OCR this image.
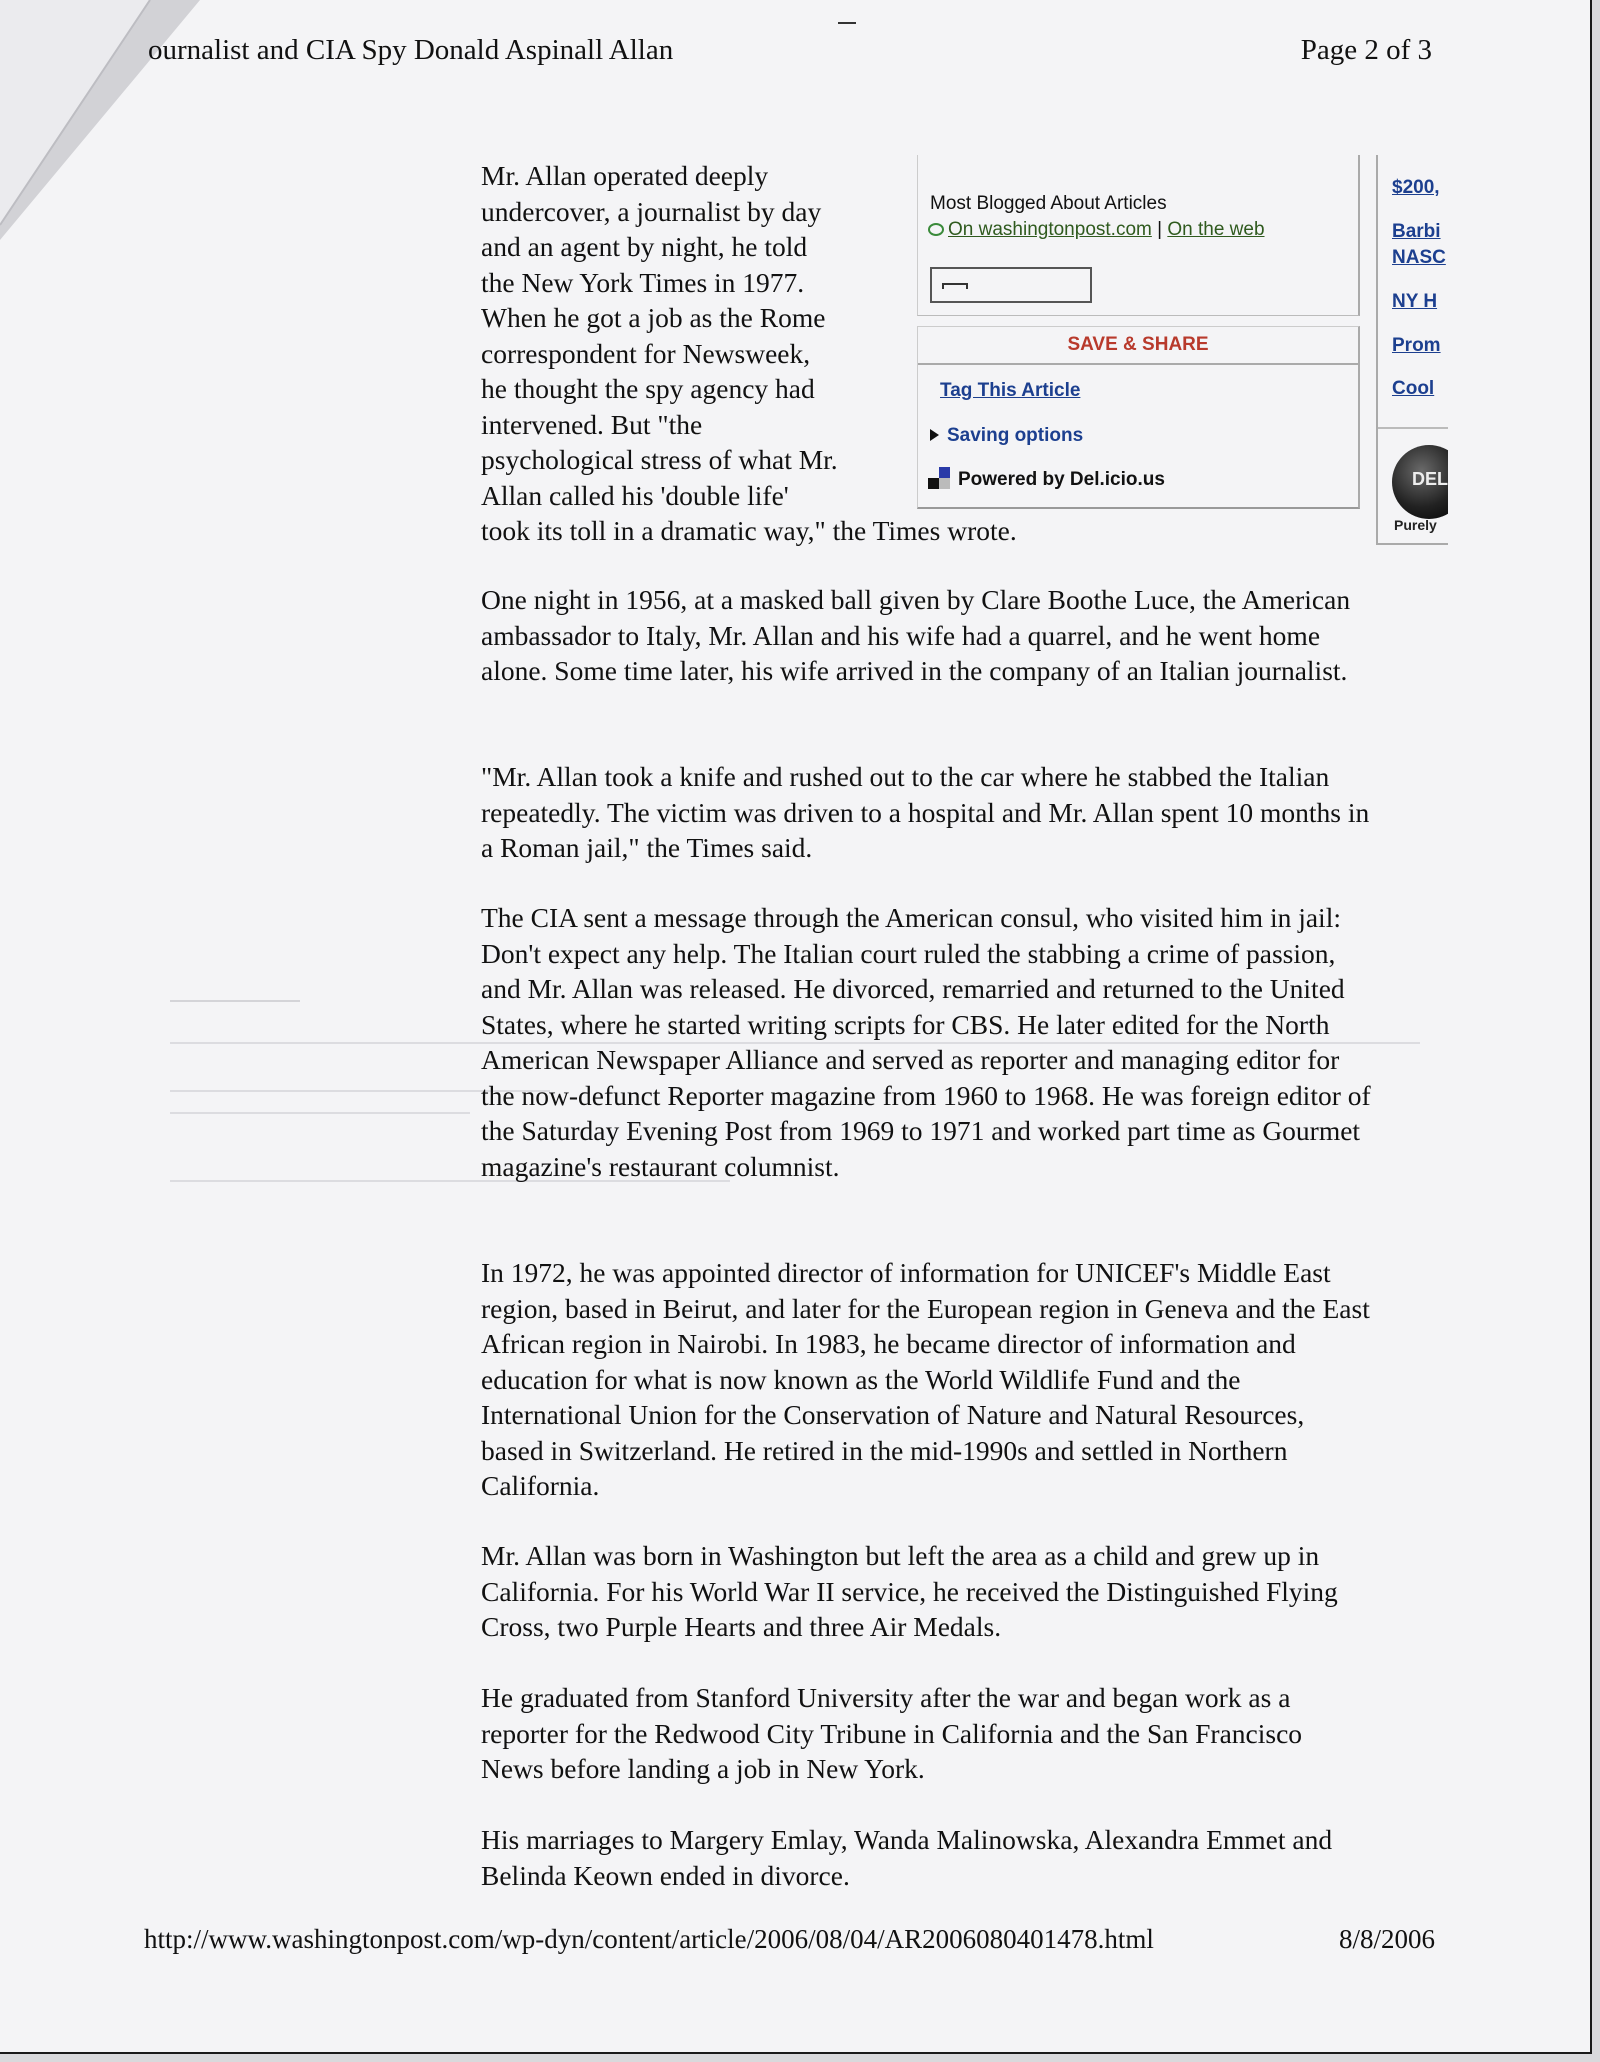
ournalist and CIA Spy Donald Aspinall Allan	Page 2 of 3
Mr. Allan operated deeply
undercover, a journalist by day
and an agent by night, he told
the New York Times in 1977.
When he got a job as the Rome
correspondent for Newsweek,
he thought the spy agency had
intervened. But "the
psychological stress of what Mr.
Allan called his 'double life'
took its toll in a dramatic way," the Times wrote.

One night in 1956, at a masked ball given by Clare Boothe Luce, the American ambassador to Italy, Mr. Allan and his wife had a quarrel, and he went home alone. Some time later, his wife arrived in the company of an Italian journalist.

"Mr. Allan took a knife and rushed out to the car where he stabbed the Italian repeatedly. The victim was driven to a hospital and Mr. Allan spent 10 months in a Roman jail," the Times said.

The CIA sent a message through the American consul, who visited him in jail: Don't expect any help. The Italian court ruled the stabbing a crime of passion, and Mr. Allan was released. He divorced, remarried and returned to the United States, where he started writing scripts for CBS. He later edited for the North American Newspaper Alliance and served as reporter and managing editor for the now-defunct Reporter magazine from 1960 to 1968. He was foreign editor of the Saturday Evening Post from 1969 to 1971 and worked part time as Gourmet magazine's restaurant columnist.

In 1972, he was appointed director of information for UNICEF's Middle East region, based in Beirut, and later for the European region in Geneva and the East African region in Nairobi. In 1983, he became director of information and education for what is now known as the World Wildlife Fund and the International Union for the Conservation of Nature and Natural Resources, based in Switzerland. He retired in the mid-1990s and settled in Northern California.

Mr. Allan was born in Washington but left the area as a child and grew up in California. For his World War II service, he received the Distinguished Flying Cross, two Purple Hearts and three Air Medals.

He graduated from Stanford University after the war and began work as a reporter for the Redwood City Tribune in California and the San Francisco News before landing a job in New York.

His marriages to Margery Emlay, Wanda Malinowska, Alexandra Emmet and Belinda Keown ended in divorce.

Most Blogged About Articles
On washingtonpost.com | On the web
SAVE & SHARE
Tag This Article
Saving options
Powered by Del.icio.us
$200,
Barbi
NASC
NY H
Prom
Cool
DEL
Purely
http://www.washingtonpost.com/wp-dyn/content/article/2006/08/04/AR2006080401478.html	8/8/2006
